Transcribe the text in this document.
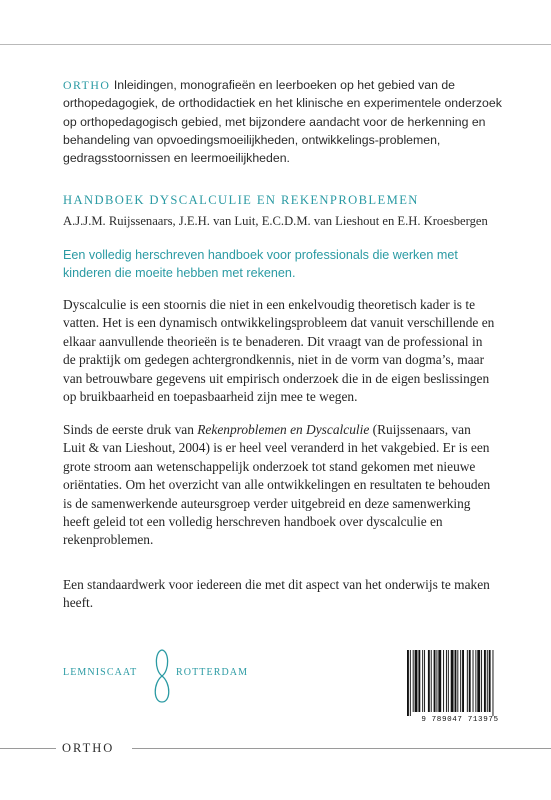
ORTHO Inleidingen, monografieën en leerboeken op het gebied van de orthopedagogiek, de orthodidactiek en het klinische en experimentele onderzoek op orthopedagogisch gebied, met bijzondere aandacht voor de herkenning en behandeling van opvoedingsmoeilijkheden, ontwikkelings-problemen, gedragsstoornissen en leermoeilijkheden.
HANDBOEK DYSCALCULIE EN REKENPROBLEMEN
A.J.J.M. Ruijssenaars, J.E.H. van Luit, E.C.D.M. van Lieshout en E.H. Kroesbergen
Een volledig herschreven handboek voor professionals die werken met kinderen die moeite hebben met rekenen.
Dyscalculie is een stoornis die niet in een enkelvoudig theoretisch kader is te vatten. Het is een dynamisch ontwikkelingsprobleem dat vanuit verschillende en elkaar aanvullende theorieën is te benaderen. Dit vraagt van de professional in de praktijk om gedegen achtergrondkennis, niet in de vorm van dogma’s, maar van betrouwbare gegevens uit empirisch onderzoek die in de eigen beslissingen op bruikbaarheid en toepasbaarheid zijn mee te wegen.
Sinds de eerste druk van Rekenproblemen en Dyscalculie (Ruijssenaars, van Luit & van Lieshout, 2004) is er heel veel veranderd in het vakgebied. Er is een grote stroom aan wetenschappelijk onderzoek tot stand gekomen met nieuwe oriëntaties. Om het overzicht van alle ontwikkelingen en resultaten te behouden is de samenwerkende auteursgroep verder uitgebreid en deze samenwerking heeft geleid tot een volledig herschreven handboek over dyscalculie en rekenproblemen.
Een standaardwerk voor iedereen die met dit aspect van het onderwijs te maken heeft.
LEMNISCAAT	ROTTERDAM
9 789047 713975
ORTHO
